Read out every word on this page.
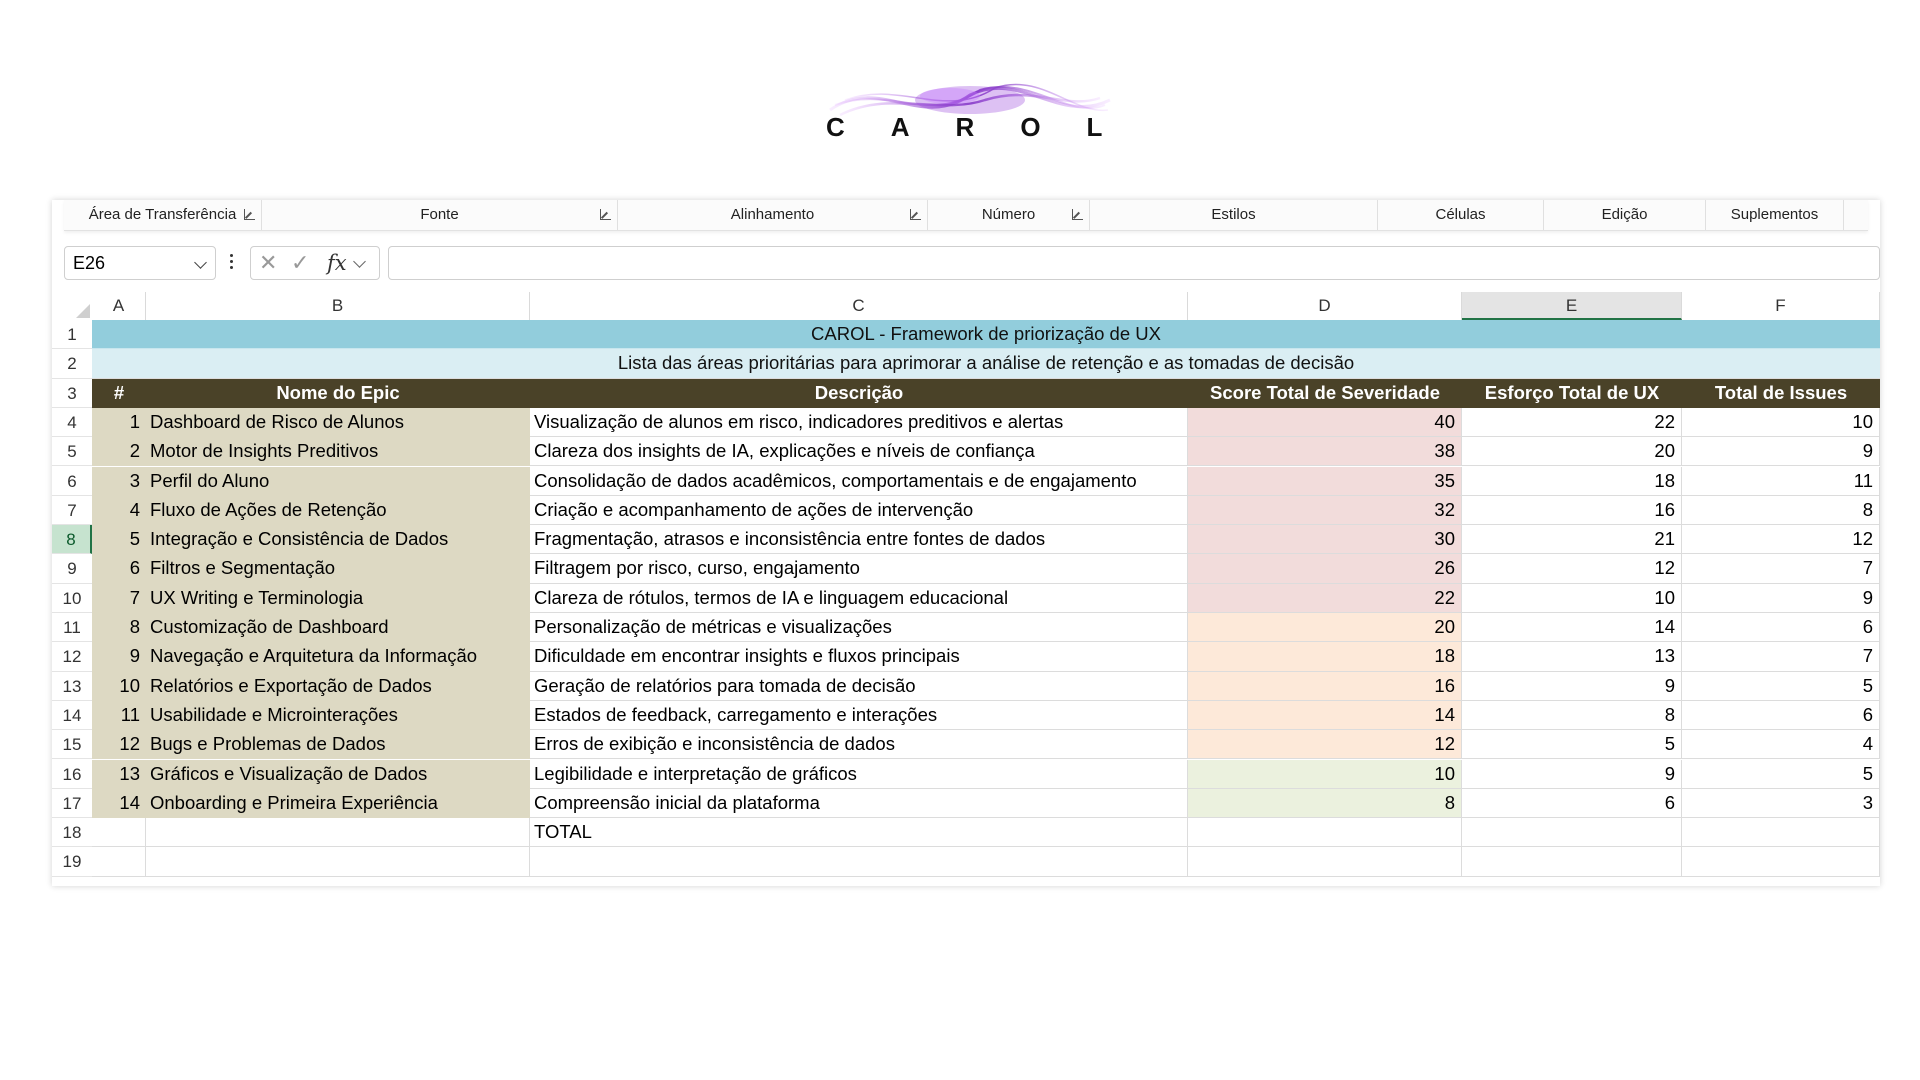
CAROL
Área de Transferência	Fonte	Alinhamento	Número	Estilos	Células	Edição	Suplementos
E26	✕ ✓ fx
A	B	C	D	E	F
1
2
3
4
5
6
7
8
9
10
11
12
13
14
15
16
17
18
19
CAROL - Framework de priorização de UX
Lista das áreas prioritárias para aprimorar a análise de retenção e as tomadas de decisão
#	Nome do Epic	Descrição	Score Total de Severidade	Esforço Total de UX	Total de Issues
1 Dashboard de Risco de Alunos	Visualização de alunos em risco, indicadores preditivos e alertas	40	22	10
2 Motor de Insights Preditivos	Clareza dos insights de IA, explicações e níveis de confiança	38	20	9
3 Perfil do Aluno	Consolidação de dados acadêmicos, comportamentais e de engajamento	35	18	11
4 Fluxo de Ações de Retenção	Criação e acompanhamento de ações de intervenção	32	16	8
5 Integração e Consistência de Dados	Fragmentação, atrasos e inconsistência entre fontes de dados	30	21	12
6 Filtros e Segmentação	Filtragem por risco, curso, engajamento	26	12	7
7 UX Writing e Terminologia	Clareza de rótulos, termos de IA e linguagem educacional	22	10	9
8 Customização de Dashboard	Personalização de métricas e visualizações	20	14	6
9 Navegação e Arquitetura da Informação	Dificuldade em encontrar insights e fluxos principais	18	13	7
10 Relatórios e Exportação de Dados	Geração de relatórios para tomada de decisão	16	9	5
11 Usabilidade e Microinterações	Estados de feedback, carregamento e interações	14	8	6
12 Bugs e Problemas de Dados	Erros de exibição e inconsistência de dados	12	5	4
13 Gráficos e Visualização de Dados	Legibilidade e interpretação de gráficos	10	9	5
14 Onboarding e Primeira Experiência	Compreensão inicial da plataforma	8	6	3
TOTAL
